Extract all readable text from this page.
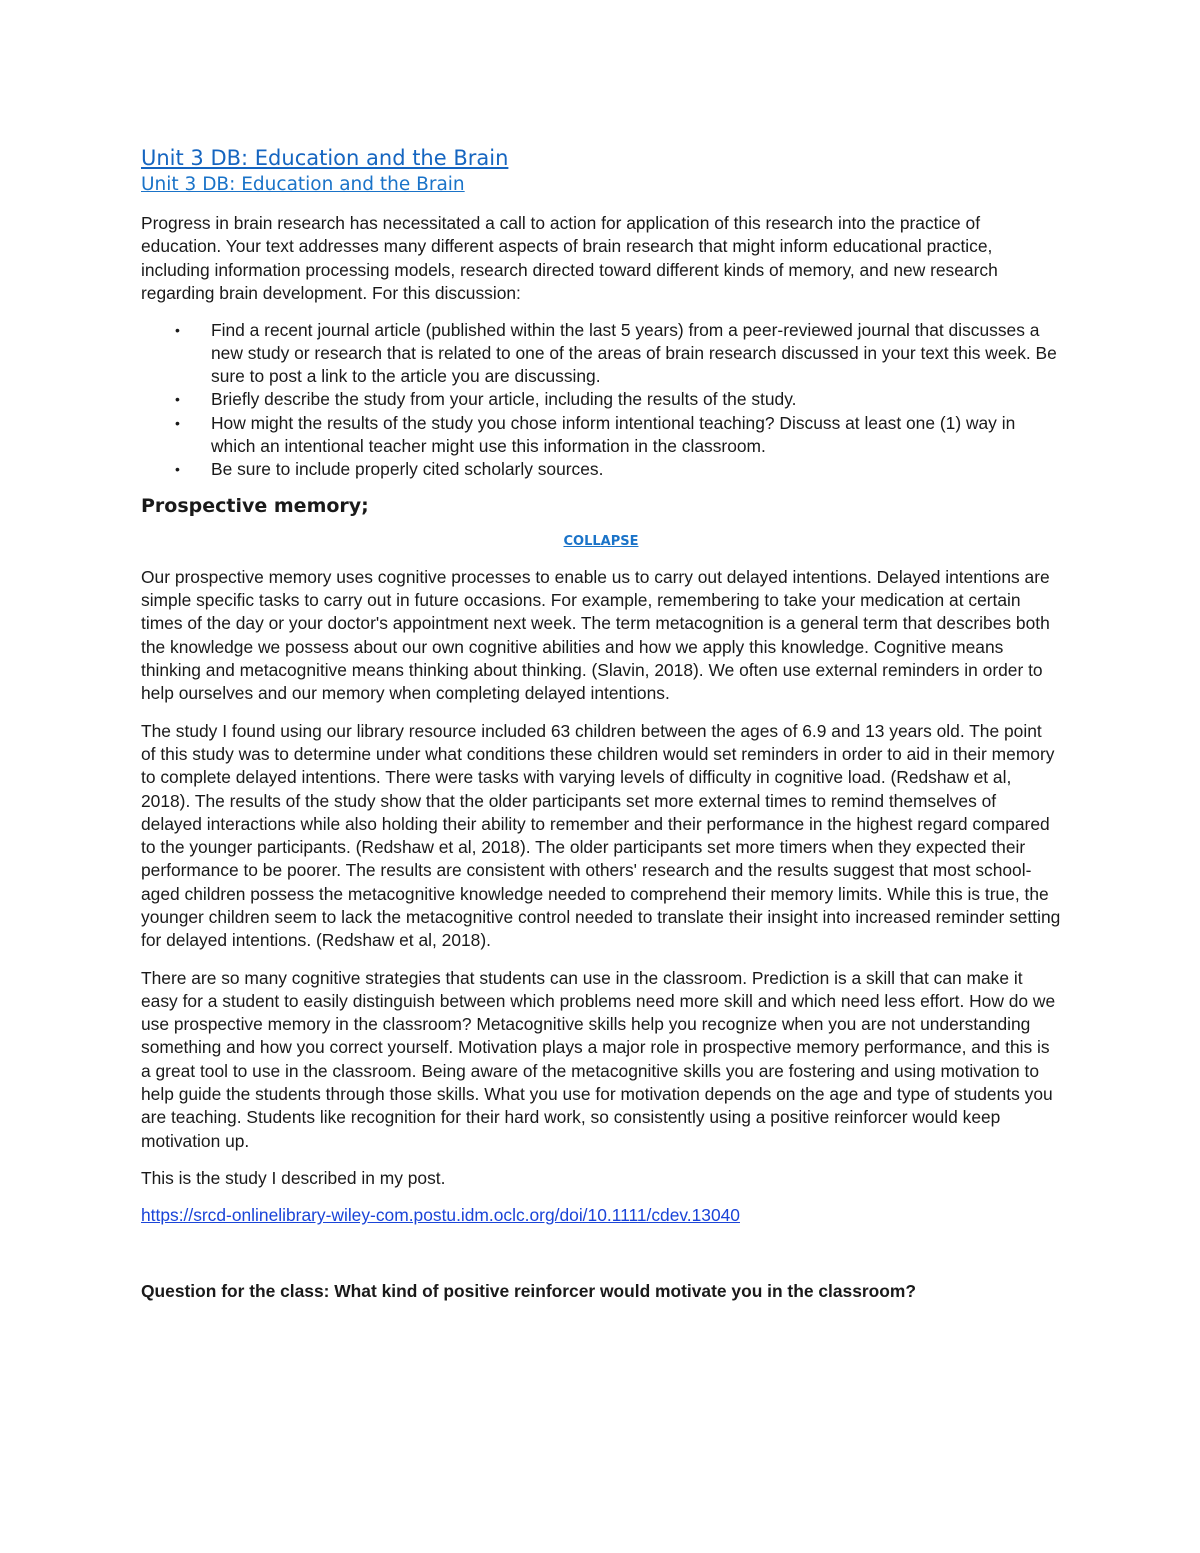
Unit 3 DB: Education and the Brain
Unit 3 DB: Education and the Brain

Progress in brain research has necessitated a call to action for application of this research into the practice of education. Your text addresses many different aspects of brain research that might inform educational practice, including information processing models, research directed toward different kinds of memory, and new research regarding brain development. For this discussion:

• Find a recent journal article (published within the last 5 years) from a peer-reviewed journal that discusses a new study or research that is related to one of the areas of brain research discussed in your text this week. Be sure to post a link to the article you are discussing.
• Briefly describe the study from your article, including the results of the study.
• How might the results of the study you chose inform intentional teaching? Discuss at least one (1) way in which an intentional teacher might use this information in the classroom.
• Be sure to include properly cited scholarly sources.
Prospective memory;
COLLAPSE

Our prospective memory uses cognitive processes to enable us to carry out delayed intentions. Delayed intentions are simple specific tasks to carry out in future occasions. For example, remembering to take your medication at certain times of the day or your doctor's appointment next week. The term metacognition is a general term that describes both the knowledge we possess about our own cognitive abilities and how we apply this knowledge. Cognitive means thinking and metacognitive means thinking about thinking. (Slavin, 2018). We often use external reminders in order to help ourselves and our memory when completing delayed intentions.

The study I found using our library resource included 63 children between the ages of 6.9 and 13 years old. The point of this study was to determine under what conditions these children would set reminders in order to aid in their memory to complete delayed intentions. There were tasks with varying levels of difficulty in cognitive load. (Redshaw et al, 2018). The results of the study show that the older participants set more external times to remind themselves of delayed interactions while also holding their ability to remember and their performance in the highest regard compared to the younger participants. (Redshaw et al, 2018). The older participants set more timers when they expected their performance to be poorer. The results are consistent with others' research and the results suggest that most school-aged children possess the metacognitive knowledge needed to comprehend their memory limits. While this is true, the younger children seem to lack the metacognitive control needed to translate their insight into increased reminder setting for delayed intentions. (Redshaw et al, 2018).

There are so many cognitive strategies that students can use in the classroom. Prediction is a skill that can make it easy for a student to easily distinguish between which problems need more skill and which need less effort. How do we use prospective memory in the classroom? Metacognitive skills help you recognize when you are not understanding something and how you correct yourself. Motivation plays a major role in prospective memory performance, and this is a great tool to use in the classroom. Being aware of the metacognitive skills you are fostering and using motivation to help guide the students through those skills. What you use for motivation depends on the age and type of students you are teaching. Students like recognition for their hard work, so consistently using a positive reinforcer would keep motivation up.

This is the study I described in my post.

https://srcd-onlinelibrary-wiley-com.postu.idm.oclc.org/doi/10.1111/cdev.13040

Question for the class: What kind of positive reinforcer would motivate you in the classroom?
